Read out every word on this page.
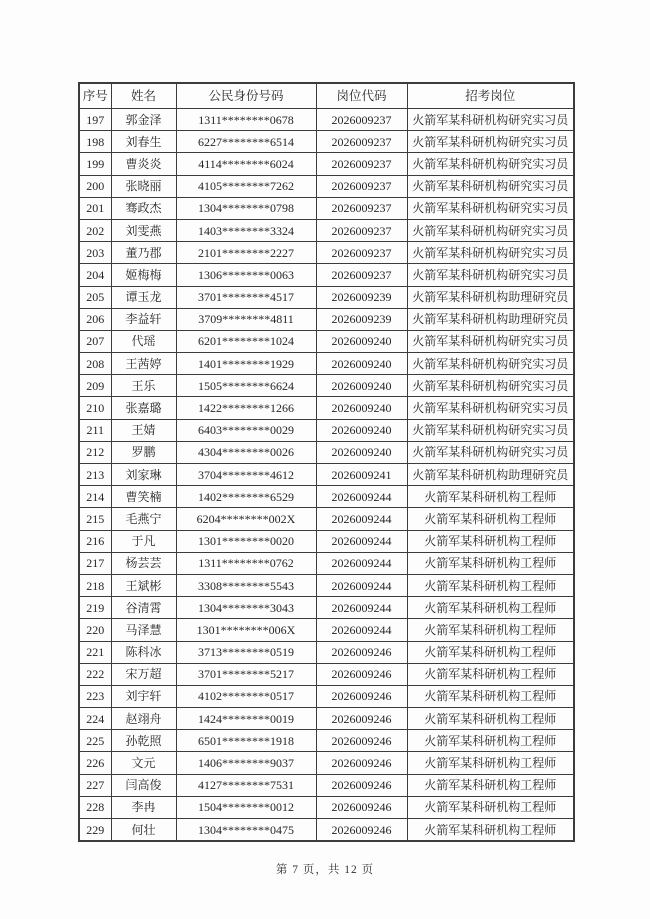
序号	姓名	公民身份号码	岗位代码	招考岗位
197	郭金泽	1311********0678	2026009237	火箭军某科研机构研究实习员
198	刘春生	6227********6514	2026009237	火箭军某科研机构研究实习员
199	曹炎炎	4114********6024	2026009237	火箭军某科研机构研究实习员
200	张晓丽	4105********7262	2026009237	火箭军某科研机构研究实习员
201	骞政杰	1304********0798	2026009237	火箭军某科研机构研究实习员
202	刘雯燕	1403********3324	2026009237	火箭军某科研机构研究实习员
203	董乃郡	2101********2227	2026009237	火箭军某科研机构研究实习员
204	姬梅梅	1306********0063	2026009237	火箭军某科研机构研究实习员
205	谭玉龙	3701********4517	2026009239	火箭军某科研机构助理研究员
206	李益轩	3709********4811	2026009239	火箭军某科研机构助理研究员
207	代瑶	6201********1024	2026009240	火箭军某科研机构研究实习员
208	王茜婷	1401********1929	2026009240	火箭军某科研机构研究实习员
209	王乐	1505********6624	2026009240	火箭军某科研机构研究实习员
210	张嘉璐	1422********1266	2026009240	火箭军某科研机构研究实习员
211	王婧	6403********0029	2026009240	火箭军某科研机构研究实习员
212	罗鹏	4304********0026	2026009240	火箭军某科研机构研究实习员
213	刘家琳	3704********4612	2026009241	火箭军某科研机构助理研究员
214	曹笑楠	1402********6529	2026009244	火箭军某科研机构工程师
215	毛燕宁	6204********002X	2026009244	火箭军某科研机构工程师
216	于凡	1301********0020	2026009244	火箭军某科研机构工程师
217	杨芸芸	1311********0762	2026009244	火箭军某科研机构工程师
218	王斌彬	3308********5543	2026009244	火箭军某科研机构工程师
219	谷清霄	1304********3043	2026009244	火箭军某科研机构工程师
220	马泽慧	1301********006X	2026009244	火箭军某科研机构工程师
221	陈科冰	3713********0519	2026009246	火箭军某科研机构工程师
222	宋万超	3701********5217	2026009246	火箭军某科研机构工程师
223	刘宇轩	4102********0517	2026009246	火箭军某科研机构工程师
224	赵翊舟	1424********0019	2026009246	火箭军某科研机构工程师
225	孙乾照	6501********1918	2026009246	火箭军某科研机构工程师
226	文元	1406********9037	2026009246	火箭军某科研机构工程师
227	闫高俊	4127********7531	2026009246	火箭军某科研机构工程师
228	李冉	1504********0012	2026009246	火箭军某科研机构工程师
229	何壮	1304********0475	2026009246	火箭军某科研机构工程师
第 7 页，共 12 页
